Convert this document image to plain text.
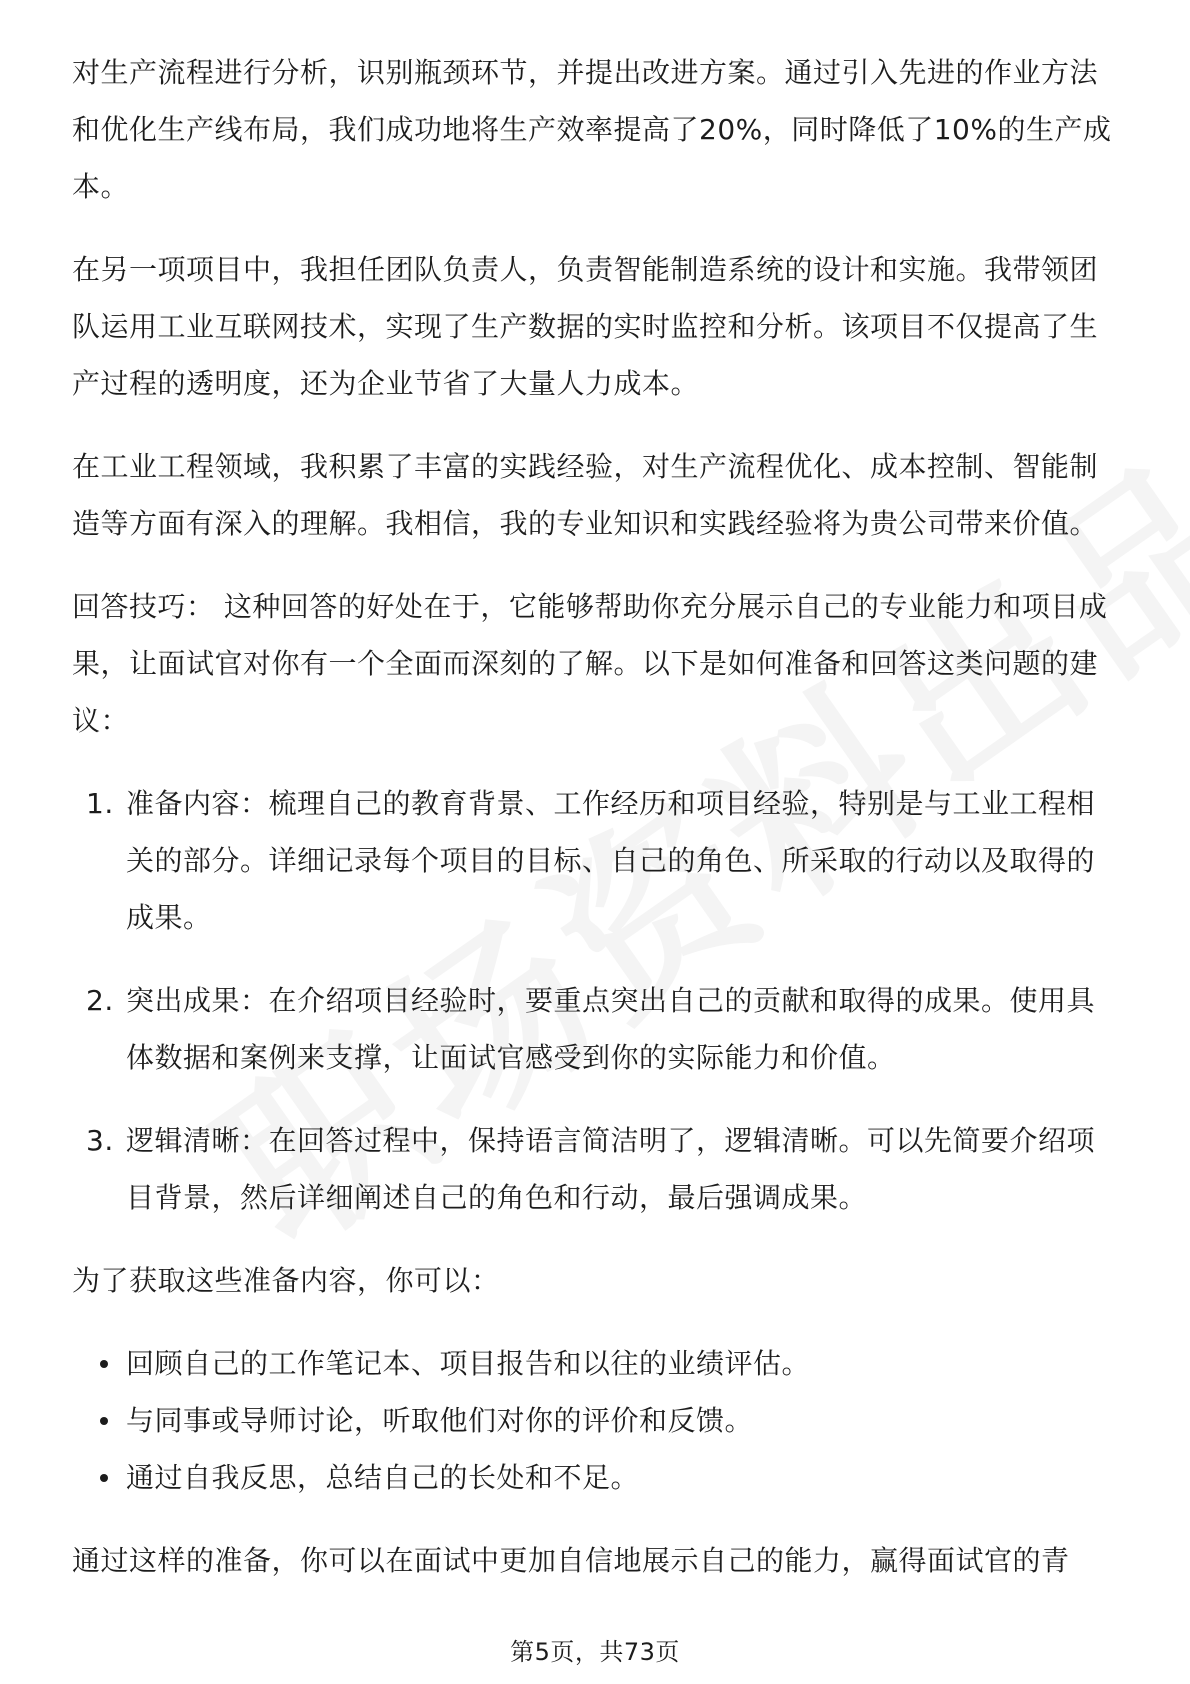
对生产流程进行分析，识别瓶颈环节，并提出改进方案。通过引入先进的作业方法和优化生产线布局，我们成功地将生产效率提高了20%，同时降低了10%的生产成本。

在另一项项目中，我担任团队负责人，负责智能制造系统的设计和实施。我带领团队运用工业互联网技术，实现了生产数据的实时监控和分析。该项目不仅提高了生产过程的透明度，还为企业节省了大量人力成本。

在工业工程领域，我积累了丰富的实践经验，对生产流程优化、成本控制、智能制造等方面有深入的理解。我相信，我的专业知识和实践经验将为贵公司带来价值。

回答技巧： 这种回答的好处在于，它能够帮助你充分展示自己的专业能力和项目成果，让面试官对你有一个全面而深刻的了解。以下是如何准备和回答这类问题的建议：

1. 准备内容：梳理自己的教育背景、工作经历和项目经验，特别是与工业工程相关的部分。详细记录每个项目的目标、自己的角色、所采取的行动以及取得的成果。
2. 突出成果：在介绍项目经验时，要重点突出自己的贡献和取得的成果。使用具体数据和案例来支撑，让面试官感受到你的实际能力和价值。
3. 逻辑清晰：在回答过程中，保持语言简洁明了，逻辑清晰。可以先简要介绍项目背景，然后详细阐述自己的角色和行动，最后强调成果。

为了获取这些准备内容，你可以：

回顾自己的工作笔记本、项目报告和以往的业绩评估。
与同事或导师讨论，听取他们对你的评价和反馈。
通过自我反思，总结自己的长处和不足。

通过这样的准备，你可以在面试中更加自信地展示自己的能力，赢得面试官的青

第5页，共73页
